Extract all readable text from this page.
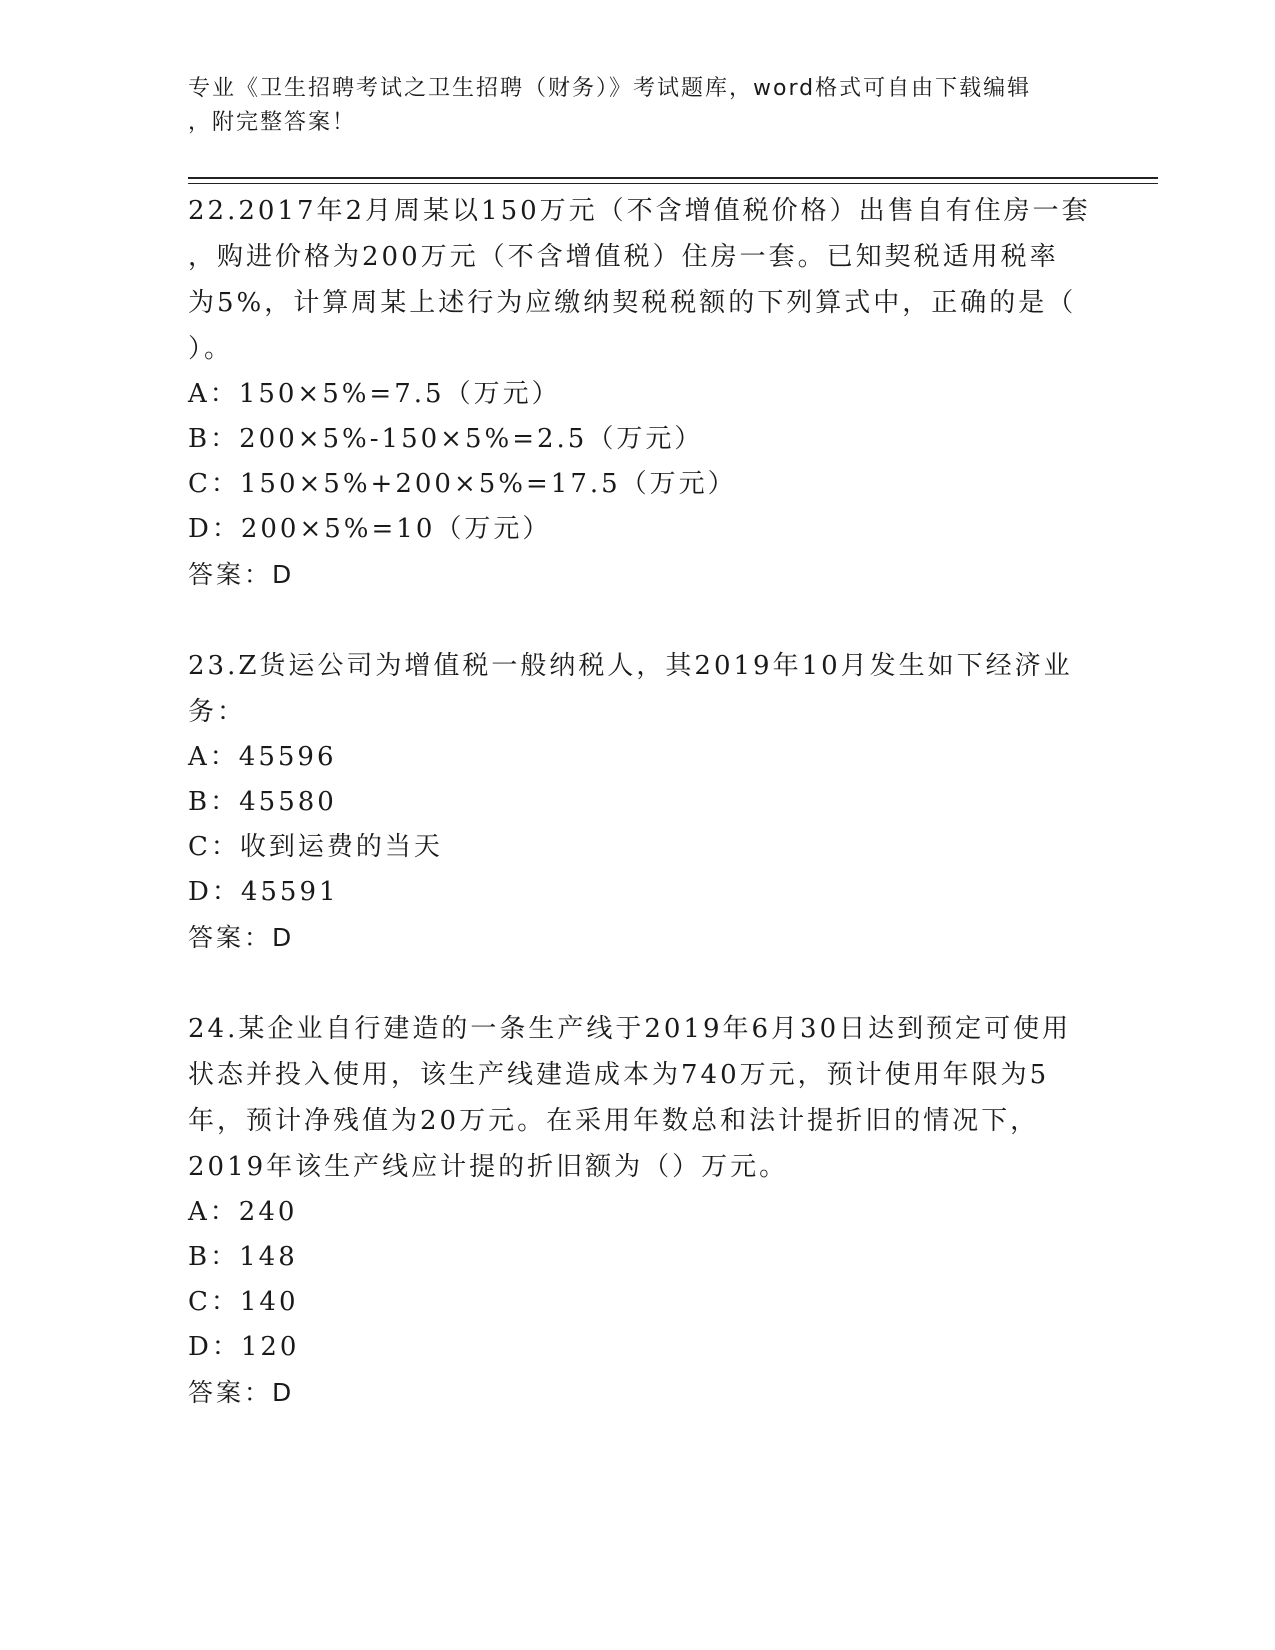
专业《卫生招聘考试之卫生招聘（财务）》考试题库，word格式可自由下载编辑
，附完整答案！
22.2017年2月周某以150万元（不含增值税价格）出售自有住房一套
，购进价格为200万元（不含增值税）住房一套。已知契税适用税率
为5%，计算周某上述行为应缴纳契税税额的下列算式中，正确的是（
）。
A：150×5%=7.5（万元）
B：200×5%-150×5%=2.5（万元）
C：150×5%+200×5%=17.5（万元）
D：200×5%=10（万元）
答案：D
23.Z货运公司为增值税一般纳税人，其2019年10月发生如下经济业
务：
A：45596
B：45580
C：收到运费的当天
D：45591
答案：D
24.某企业自行建造的一条生产线于2019年6月30日达到预定可使用
状态并投入使用，该生产线建造成本为740万元，预计使用年限为5
年，预计净残值为20万元。在采用年数总和法计提折旧的情况下，
2019年该生产线应计提的折旧额为（）万元。
A：240
B：148
C：140
D：120
答案：D
